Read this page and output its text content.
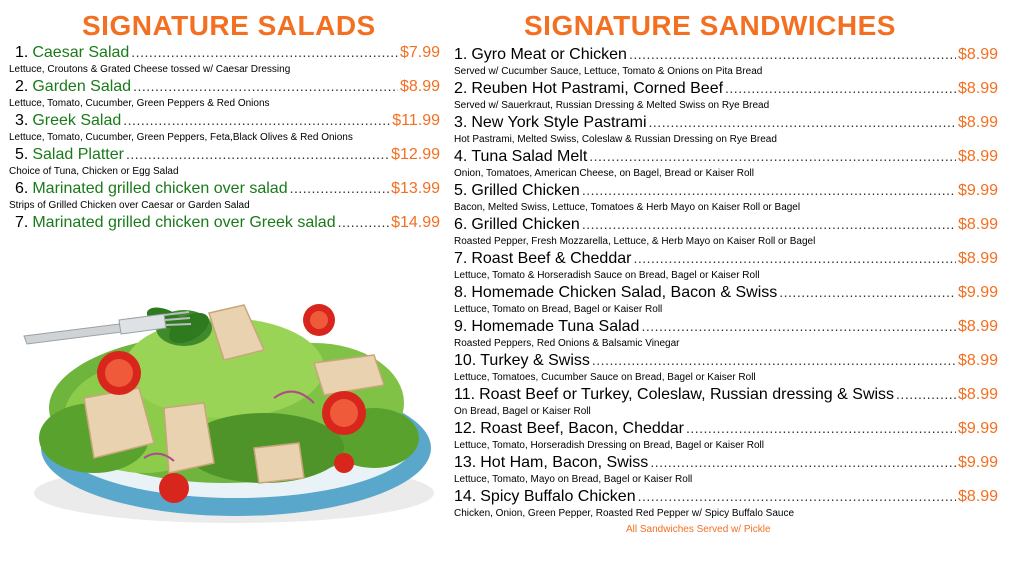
SIGNATURE SALADS	SIGNATURE SANDWICHES
1. Caesar Salad .....	$7.99
Lettuce, Croutons & Grated Cheese tossed w/ Caesar Dressing
2. Garden Salad .....	$8.99
Lettuce, Tomato, Cucumber, Green Peppers & Red Onions
3. Greek Salad .....	$11.99
Lettuce, Tomato, Cucumber, Green Peppers, Feta,Black Olives & Red Onions
5. Salad Platter .....	$12.99
Choice of Tuna, Chicken or Egg Salad
6. Marinated grilled chicken over salad .....	$13.99
Strips of Grilled Chicken over Caesar or Garden Salad
7. Marinated grilled chicken over Greek salad .....	$14.99
1. Gyro Meat or Chicken .....	$8.99
Served w/ Cucumber Sauce, Lettuce, Tomato & Onions on Pita Bread
2. Reuben Hot Pastrami, Corned Beef .....	$8.99
Served w/ Sauerkraut, Russian Dressing & Melted Swiss on Rye Bread
3. New York Style Pastrami .....	$8.99
Hot Pastrami, Melted Swiss, Coleslaw & Russian Dressing on Rye Bread
4. Tuna Salad Melt .....	$8.99
Onion, Tomatoes, American Cheese, on Bagel, Bread or Kaiser Roll
5. Grilled Chicken .....	$9.99
Bacon, Melted Swiss, Lettuce, Tomatoes & Herb Mayo on Kaiser Roll or Bagel
6. Grilled Chicken .....	$8.99
Roasted Pepper, Fresh Mozzarella, Lettuce, & Herb Mayo on Kaiser Roll or Bagel
7. Roast Beef & Cheddar .....	$8.99
Lettuce, Tomato & Horseradish Sauce on Bread, Bagel or Kaiser Roll
8. Homemade Chicken Salad, Bacon & Swiss .....	$9.99
Lettuce, Tomato on Bread, Bagel or Kaiser Roll
9. Homemade Tuna Salad .....	$8.99
Roasted Peppers, Red Onions & Balsamic Vinegar
10. Turkey & Swiss .....	$8.99
Lettuce, Tomatoes, Cucumber Sauce on Bread, Bagel or Kaiser Roll
11. Roast Beef or Turkey, Coleslaw, Russian dressing & Swiss .....	$8.99
On Bread, Bagel or Kaiser Roll
12. Roast Beef, Bacon, Cheddar .....	$9.99
Lettuce, Tomato, Horseradish Dressing on Bread, Bagel or Kaiser Roll
13. Hot Ham, Bacon, Swiss .....	$9.99
Lettuce, Tomato, Mayo on Bread, Bagel or Kaiser Roll
14. Spicy Buffalo Chicken .....	$8.99
Chicken, Onion, Green Pepper, Roasted Red Pepper w/ Spicy Buffalo Sauce
All Sandwiches Served w/ Pickle
